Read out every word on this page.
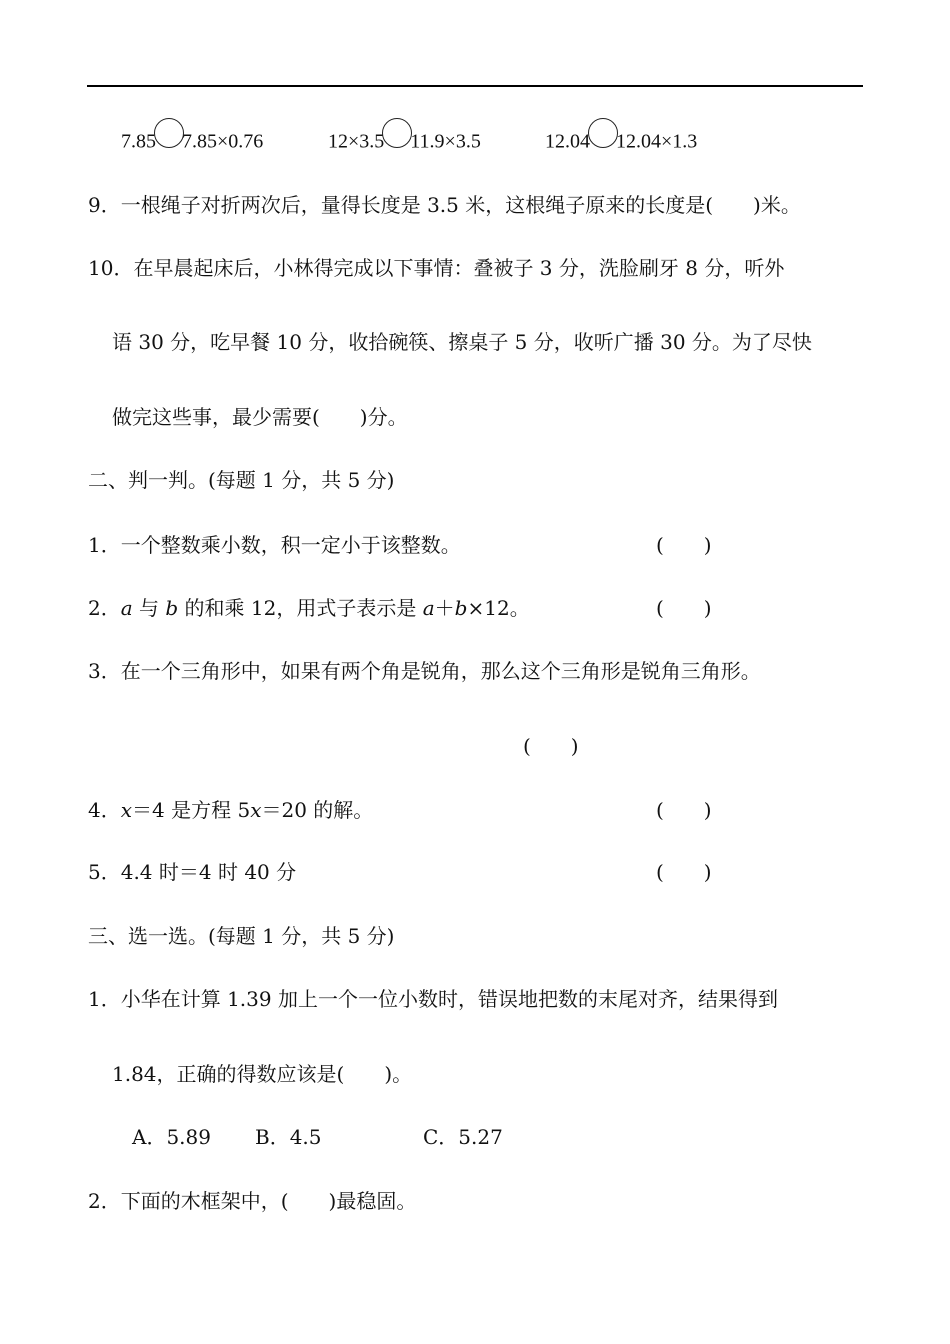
7.85 7.85×0.76	12×3.5 11.9×3.5	12.04 12.04×1.3
9．一根绳子对折两次后，量得长度是 3.5 米，这根绳子原来的长度是(　　)米。
10．在早晨起床后，小林得完成以下事情：叠被子 3 分，洗脸刷牙 8 分，听外
语 30 分，吃早餐 10 分，收拾碗筷、擦桌子 5 分，收听广播 30 分。为了尽快
做完这些事，最少需要(　　)分。
二、判一判。(每题 1 分，共 5 分)
1．一个整数乘小数，积一定小于该整数。	(　　)
2．a 与 b 的和乘 12，用式子表示是 a＋b×12。	(　　)
3．在一个三角形中，如果有两个角是锐角，那么这个三角形是锐角三角形。
(　　)
4．x＝4 是方程 5x＝20 的解。	(　　)
5．4.4 时＝4 时 40 分	(　　)
三、选一选。(每题 1 分，共 5 分)
1．小华在计算 1.39 加上一个一位小数时，错误地把数的末尾对齐，结果得到
1.84，正确的得数应该是(　　)。
A．5.89 B．4.5	C．5.27
2．下面的木框架中，(　　)最稳固。
